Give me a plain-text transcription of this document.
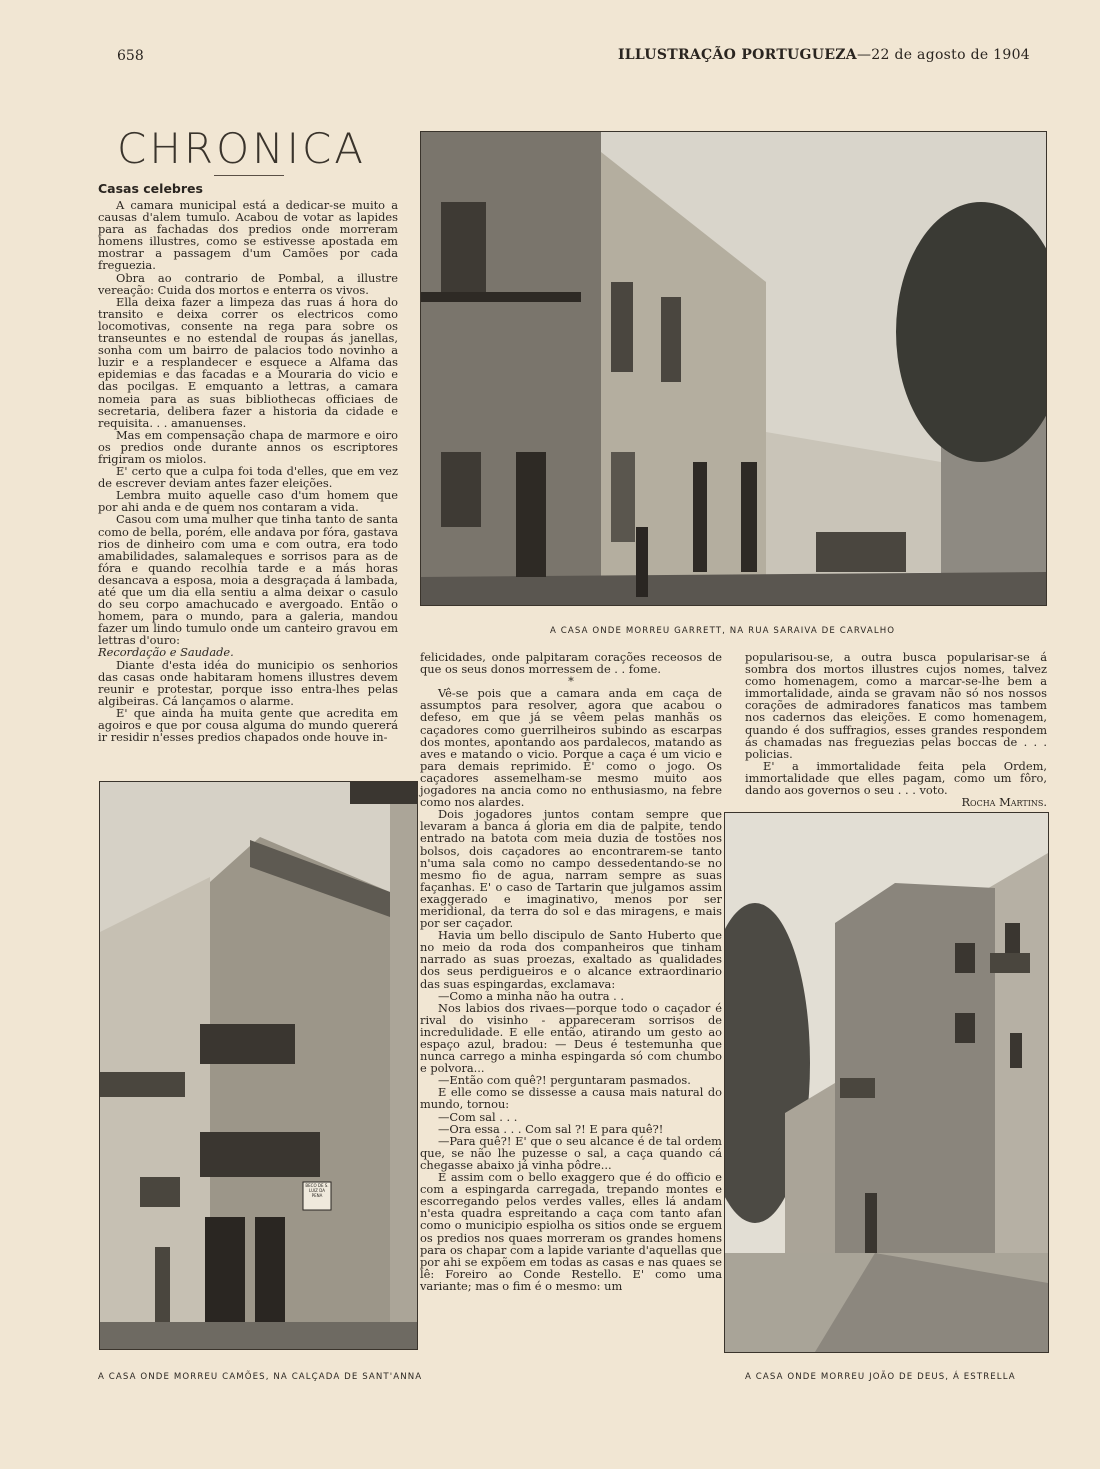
658	ILLUSTRAÇÃO PORTUGUEZA—22 de agosto de 1904
CHRONICA
Casas celebres

A camara municipal está a dedicar-se muito a causas d'alem tumulo. Acabou de votar as lapides para as fachadas dos predios onde morreram homens illustres, como se estivesse apostada em mostrar a passagem d'um Camões por cada freguezia.

Obra ao contrario de Pombal, a illustre vereação: Cuida dos mortos e enterra os vivos.

Ella deixa fazer a limpeza das ruas á hora do transito e deixa correr os electricos como locomotivas, consente na rega para sobre os transeuntes e no estendal de roupas ás janellas, sonha com um bairro de palacios todo novinho a luzir e a resplandecer e esquece a Alfama das epidemias e das facadas e a Mouraria do vicio e das pocilgas. E emquanto a lettras, a camara nomeia para as suas bibliothecas officiaes de secretaria, delibera fazer a historia da cidade e requisita. . . amanuenses.

Mas em compensação chapa de marmore e oiro os predios onde durante annos os escriptores frigiram os miolos.

E' certo que a culpa foi toda d'elles, que em vez de escrever deviam antes fazer eleições.

Lembra muito aquelle caso d'um homem que por ahi anda e de quem nos contaram a vida.

Casou com uma mulher que tinha tanto de santa como de bella, porém, elle andava por fóra, gastava rios de dinheiro com uma e com outra, era todo amabilidades, salamaleques e sorrisos para as de fóra e quando recolhia tarde e a más horas desancava a esposa, moia a desgraçada á lambada, até que um dia ella sentiu a alma deixar o casulo do seu corpo amachucado e avergoado. Então o homem, para o mundo, para a galeria, mandou fazer um lindo tumulo onde um canteiro gravou em lettras d'ouro:

Recordação e Saudade.

Diante d'esta idéa do municipio os senhorios das casas onde habitaram homens illustres devem reunir e protestar, porque isso entra-lhes pelas algibeiras. Cá lançamos o alarme.

E' que ainda ha muita gente que acredita em agoiros e que por cousa alguma do mundo quererá ir residir n'esses predios chapados onde houve in-

A CASA ONDE MORREU GARRETT, NA RUA SARAIVA DE CARVALHO

felicidades, onde palpitaram corações receosos de que os seus donos morressem de . . fome.

*

Vê-se pois que a camara anda em caça de assumptos para resolver, agora que acabou o defeso, em que já se vêem pelas manhãs os caçadores como guerrilheiros subindo as escarpas dos montes, apontando aos pardalecos, matando as aves e matando o vicio. Porque a caça é um vicio e para demais reprimido. E' como o jogo. Os caçadores assemelham-se mesmo muito aos jogadores na ancia como no enthusiasmo, na febre como nos alardes.

Dois jogadores juntos contam sempre que levaram a banca á gloria em dia de palpite, tendo entrado na batota com meia duzia de tostões nos bolsos, dois caçadores ao encontrarem-se tanto n'uma sala como no campo dessedentando-se no mesmo fio de agua, narram sempre as suas façanhas. E' o caso de Tartarin que julgamos assim exaggerado e imaginativo, menos por ser meridional, da terra do sol e das miragens, e mais por ser caçador.

Havia um bello discipulo de Santo Huberto que no meio da roda dos companheiros que tinham narrado as suas proezas, exaltado as qualidades dos seus perdigueiros e o alcance extraordinario das suas espingardas, exclamava:

—Como a minha não ha outra . .

Nos labios dos rivaes—porque todo o caçador é rival do visinho - appareceram sorrisos de incredulidade. E elle então, atirando um gesto ao espaço azul, bradou: — Deus é testemunha que nunca carrego a minha espingarda só com chumbo e polvora...

—Então com quê?! perguntaram pasmados.

E elle como se dissesse a causa mais natural do mundo, tornou:

—Com sal . . .

—Ora essa . . . Com sal ?! E para quê?!

—Para quê?! E' que o seu alcance é de tal ordem que, se não lhe puzesse o sal, a caça quando cá chegasse abaixo já vinha pôdre...

E assim com o bello exaggero que é do officio e com a espingarda carregada, trepando montes e escorregando pelos verdes valles, elles lá andam n'esta quadra espreitando a caça com tanto afan como o municipio espiolha os sitios onde se erguem os predios nos quaes morreram os grandes homens para os chapar com a lapide variante d'aquellas que por ahi se expõem em todas as casas e nas quaes se lê: Foreiro ao Conde Restello. E' como uma variante; mas o fim é o mesmo: um

popularisou-se, a outra busca popularisar-se á sombra dos mortos illustres cujos nomes, talvez como homenagem, como a marcar-se-lhe bem a immortalidade, ainda se gravam não só nos nossos corações de admiradores fanaticos mas tambem nos cadernos das eleições. E como homenagem, quando é dos suffragios, esses grandes respondem ás chamadas nas freguezias pelas boccas de . . . policias.

E' a immortalidade feita pela Ordem, immortalidade que elles pagam, como um fôro, dando aos governos o seu . . . voto.

Rocha Martins.

BECO DE S. LUIZ DA PENA
A CASA ONDE MORREU CAMÕES, NA CALÇADA DE SANT'ANNA	A CASA ONDE MORREU JOÃO DE DEUS, Á ESTRELLA
